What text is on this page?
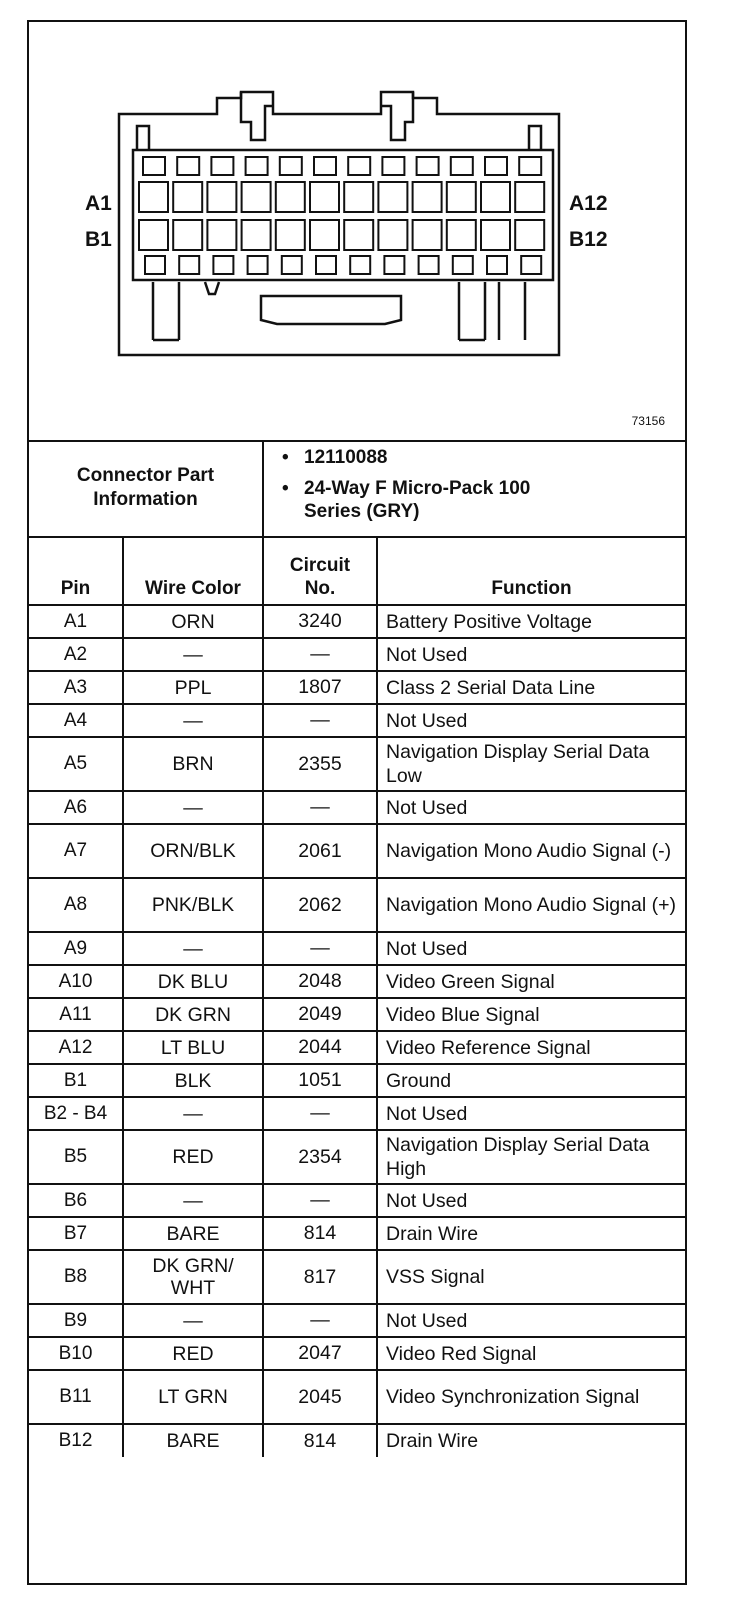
A1
B1
A12
B12
73156
Connector Part Information
• 12110088
• 24-Way F Micro-Pack 100 Series (GRY)
Pin	Wire Color	Circuit No.	Function
A1	ORN	3240	Battery Positive Voltage
A2	—	—	Not Used
A3	PPL	1807	Class 2 Serial Data Line
A4	—	—	Not Used
A5	BRN	2355	Navigation Display Serial Data Low
A6	—	—	Not Used
A7	ORN/BLK	2061	Navigation Mono Audio Signal (-)
A8	PNK/BLK	2062	Navigation Mono Audio Signal (+)
A9	—	—	Not Used
A10	DK BLU	2048	Video Green Signal
A11	DK GRN	2049	Video Blue Signal
A12	LT BLU	2044	Video Reference Signal
B1	BLK	1051	Ground
B2 - B4	—	—	Not Used
B5	RED	2354	Navigation Display Serial Data High
B6	—	—	Not Used
B7	BARE	814	Drain Wire
B8	DK GRN/ WHT	817	VSS Signal
B9	—	—	Not Used
B10	RED	2047	Video Red Signal
B11	LT GRN	2045	Video Synchronization Signal
B12	BARE	814	Drain Wire
